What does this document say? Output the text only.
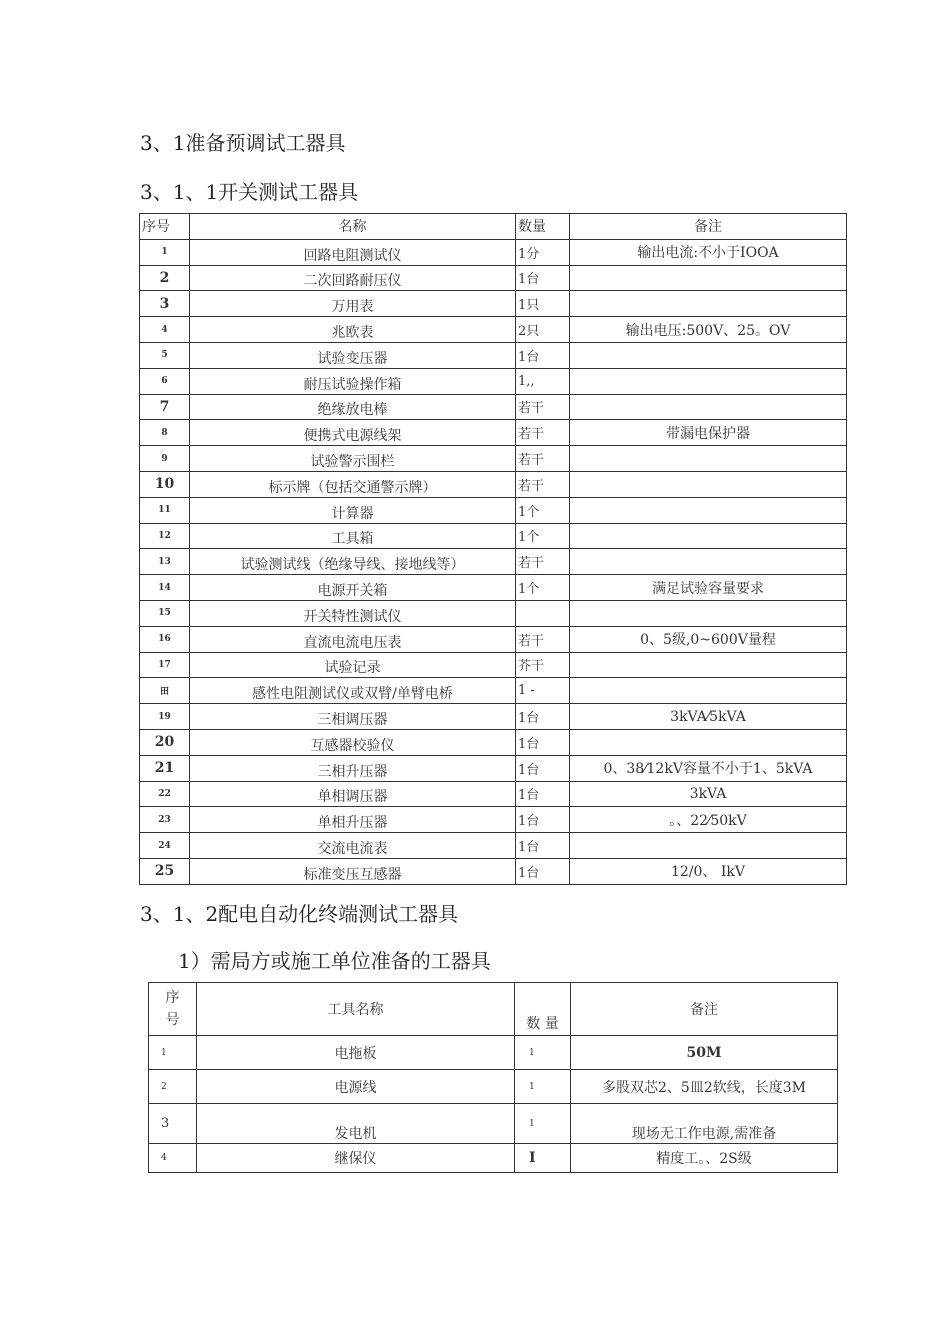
3、1准备预调试工器具
3、1、1开关测试工器具
序号	名称	数量	备注
1	回路电阻测试仪	1分	输出电流:不小于IOOA
2	二次回路耐压仪	1台	
3	万用表	1只	
4	兆欧表	2只	输出电压:500V、25。OV
5	试验变压器	1台	
6	耐压试验操作箱	1,,	
7	绝缘放电棒	若干	
8	便携式电源线架	若干	带漏电保护器
9	试验警示围栏	若干	
10	标示牌（包括交通警示牌）	若干	
11	计算器	1个	
12	工具箱	1个	
13	试验测试线（绝缘导线、接地线等）	若干	
14	电源开关箱	1个	满足试验容量要求
15	开关特性测试仪		
16	直流电流电压表	若干	0、5级,0~600V量程
17	试验记录	芥干	
田	感性电阻测试仪或双臂/单臂电桥	1 -	
19	三相调压器	1台	3kVA⁄5kVA
20	互感器校验仪	1台	
21	三相升压器	1台	0、38⁄12kV容量不小于1、5kVA
22	单相调压器	1台	3kVA
23	单相升压器	1台	。、22⁄50kV
24	交流电流表	1台	
25	标准变压互感器	1台	12/0、 IkV
3、1、2配电自动化终端测试工器具
1）需局方或施工单位准备的工器具
序
号	工具名称	数 量	备注
1	电拖板	1	50M
2	电源线	1	多股双芯2、5皿2软线，长度3M
3	发电机	1	现场无工作电源,需准备
4	继保仪	I	精度工。、2S级
